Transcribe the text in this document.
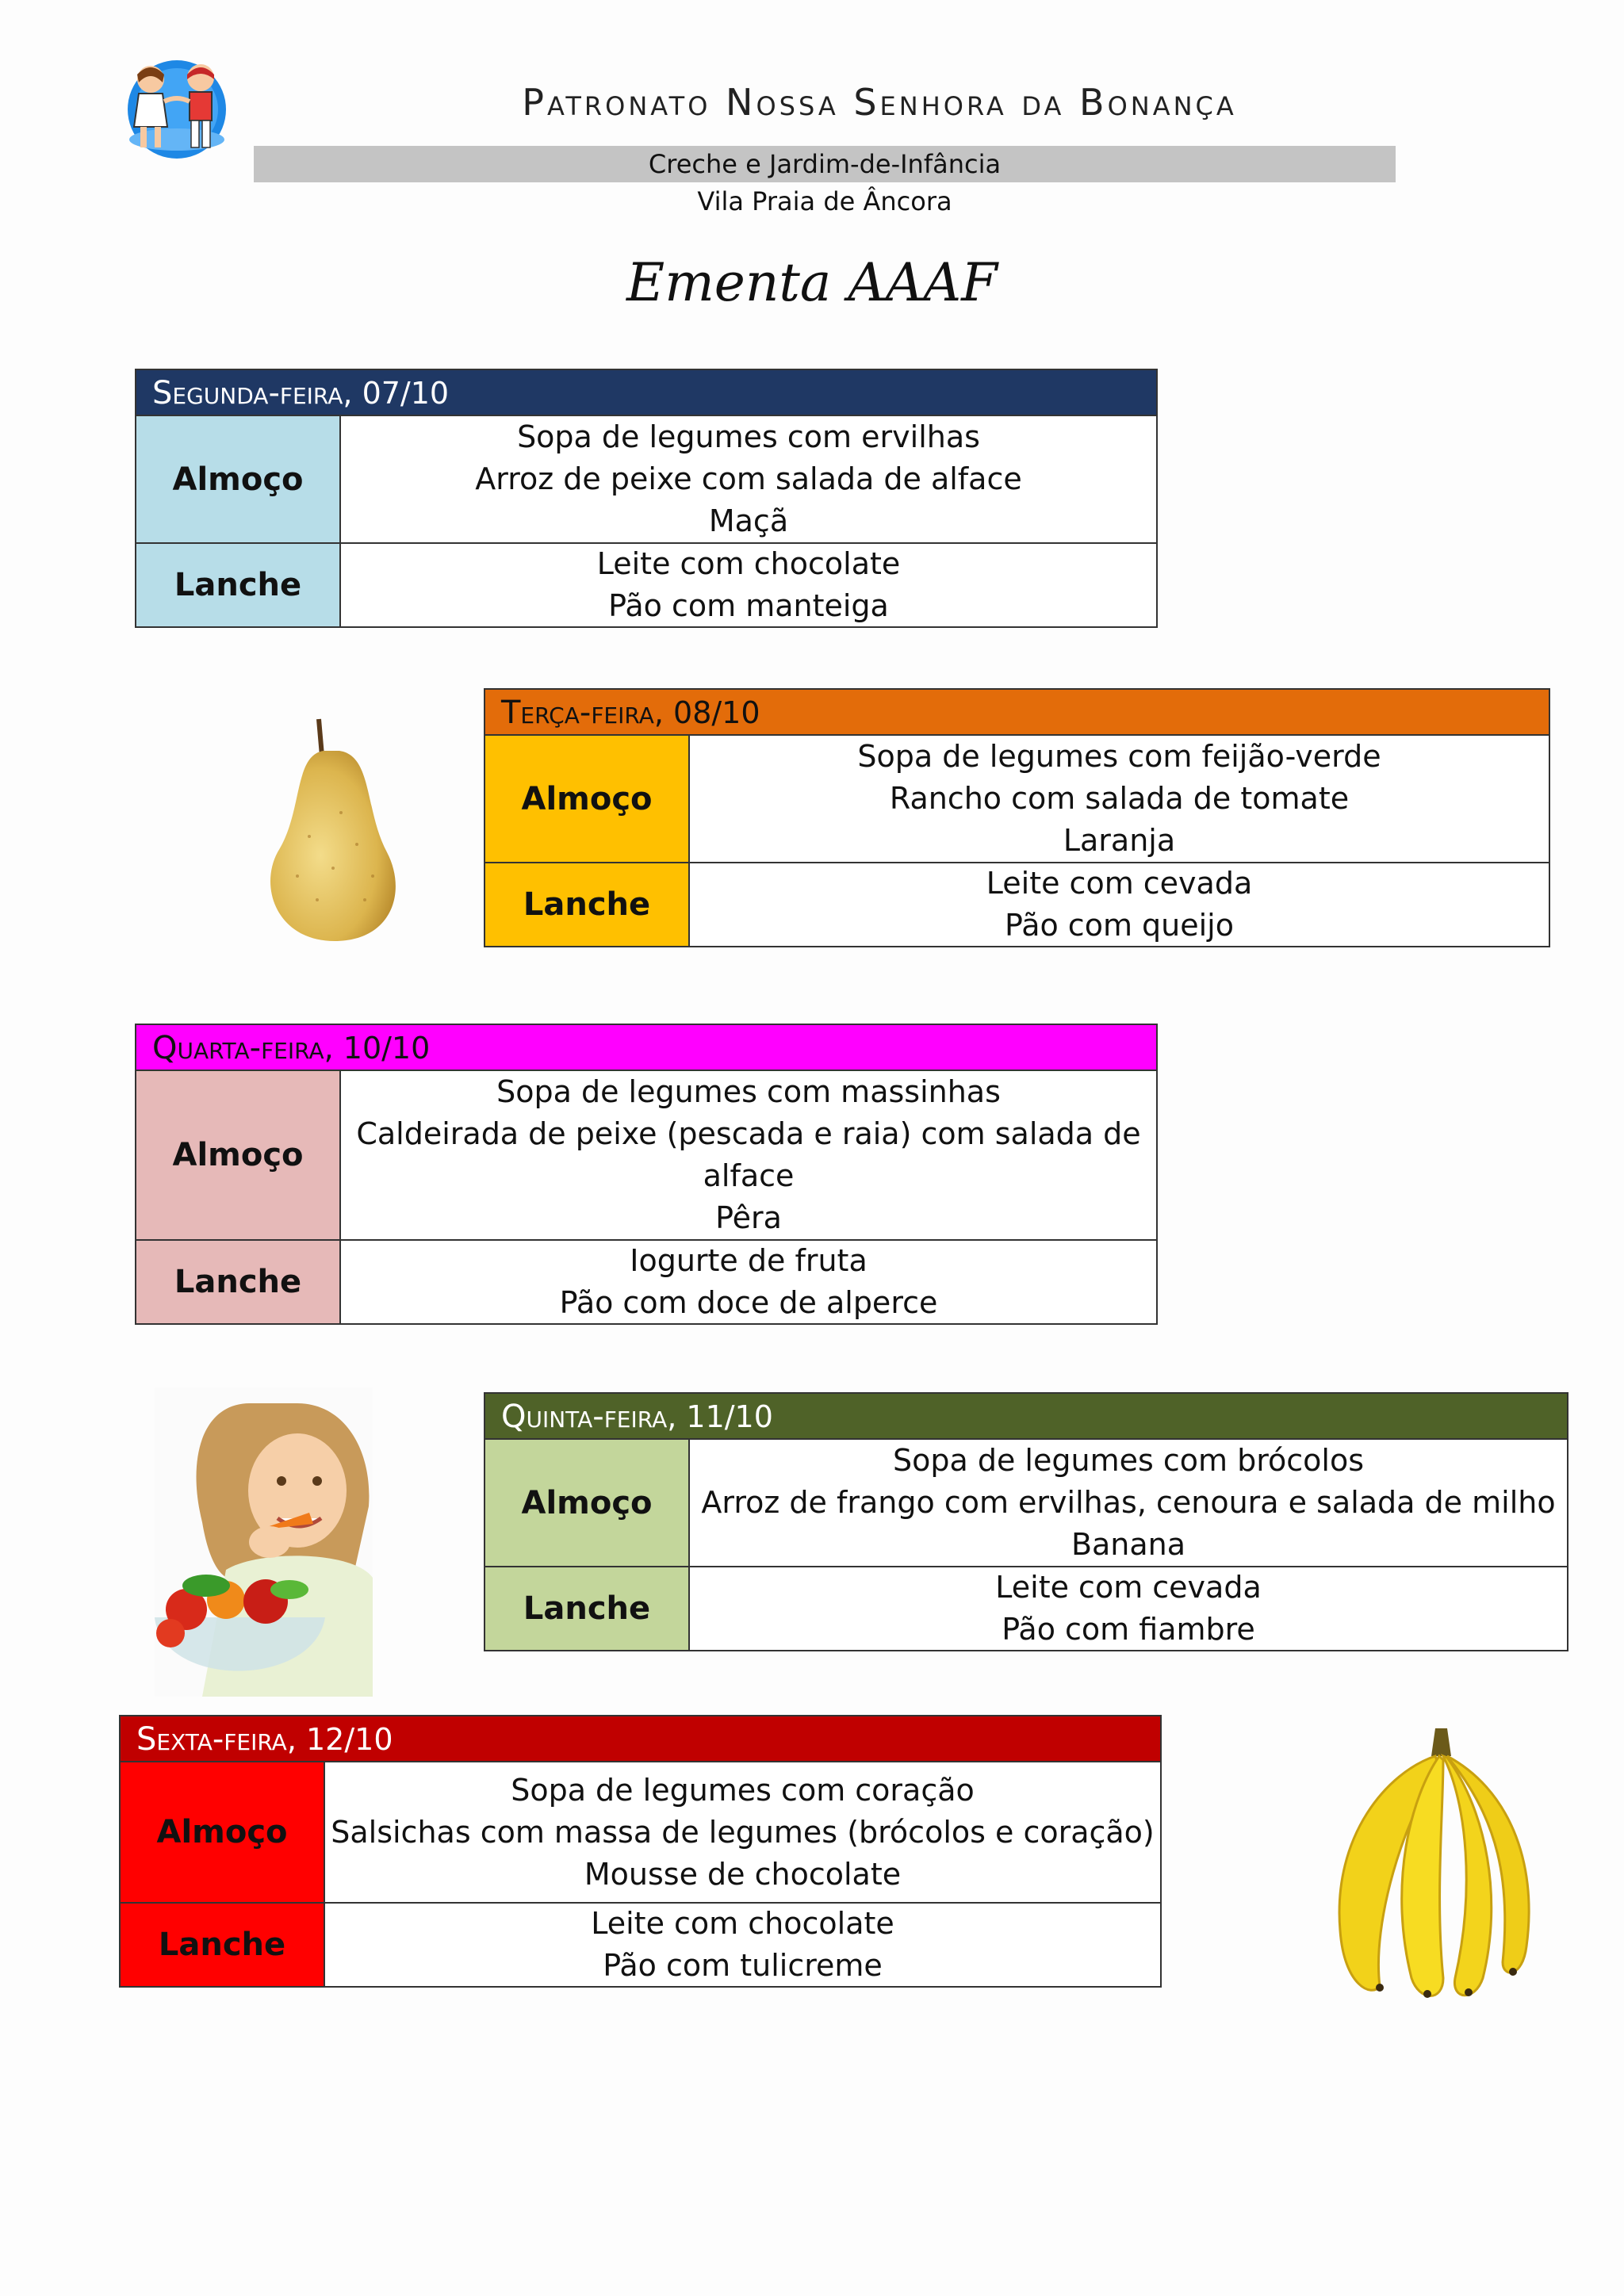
Patronato Nossa Senhora da Bonança
Creche e Jardim-de-Infância
Vila Praia de Âncora
Ementa AAAF
Segunda-feira, 07/10
Almoço
Sopa de legumes com ervilhas
Arroz de peixe com salada de alface
Maçã
Lanche
Leite com chocolate
Pão com manteiga
Terça-feira, 08/10
Almoço
Sopa de legumes com feijão-verde
Rancho com salada de tomate
Laranja
Lanche
Leite com cevada
Pão com queijo
Quarta-feira, 10/10
Almoço
Sopa de legumes com massinhas
Caldeirada de peixe (pescada e raia) com salada de
alface
Pêra
Lanche
Iogurte de fruta
Pão com doce de alperce
Quinta-feira, 11/10
Almoço
Sopa de legumes com brócolos
Arroz de frango com ervilhas, cenoura e salada de milho
Banana
Lanche
Leite com cevada
Pão com fiambre
Sexta-feira, 12/10
Almoço
Sopa de legumes com coração
Salsichas com massa de legumes (brócolos e coração)
Mousse de chocolate
Lanche
Leite com chocolate
Pão com tulicreme
